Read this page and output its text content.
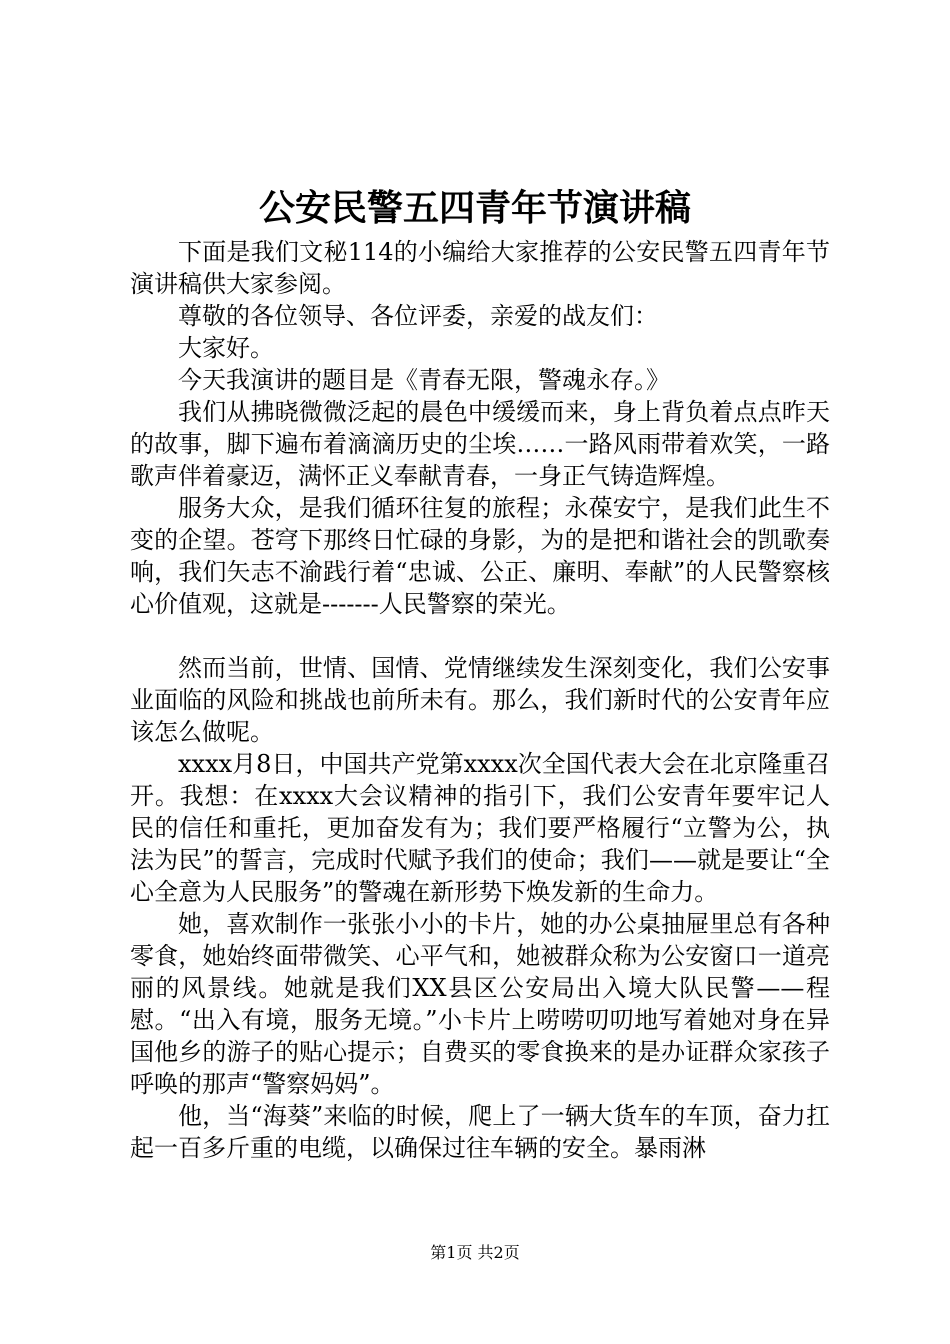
公安民警五四青年节演讲稿

下面是我们文秘114的小编给大家推荐的公安民警五四青年节演讲稿供大家参阅。

尊敬的各位领导、各位评委，亲爱的战友们：

大家好。

今天我演讲的题目是《青春无限，警魂永存。》

我们从拂晓微微泛起的晨色中缓缓而来，身上背负着点点昨天的故事，脚下遍布着滴滴历史的尘埃……一路风雨带着欢笑，一路歌声伴着豪迈，满怀正义奉献青春，一身正气铸造辉煌。

服务大众，是我们循环往复的旅程；永葆安宁，是我们此生不变的企望。苍穹下那终日忙碌的身影，为的是把和谐社会的凯歌奏响，我们矢志不渝践行着“忠诚、公正、廉明、奉献”的人民警察核心价值观，这就是-------人民警察的荣光。

然而当前，世情、国情、党情继续发生深刻变化，我们公安事业面临的风险和挑战也前所未有。那么，我们新时代的公安青年应该怎么做呢。

xxxx月8日，中国共产党第xxxx次全国代表大会在北京隆重召开。我想：在xxxx大会议精神的指引下，我们公安青年要牢记人民的信任和重托，更加奋发有为；我们要严格履行“立警为公，执法为民”的誓言，完成时代赋予我们的使命；我们——就是要让“全心全意为人民服务”的警魂在新形势下焕发新的生命力。

她，喜欢制作一张张小小的卡片，她的办公桌抽屉里总有各种零食，她始终面带微笑、心平气和，她被群众称为公安窗口一道亮丽的风景线。她就是我们XX县区公安局出入境大队民警——程慰。“出入有境，服务无境。”小卡片上唠唠叨叨地写着她对身在异国他乡的游子的贴心提示；自费买的零食换来的是办证群众家孩子呼唤的那声“警察妈妈”。

他，当“海葵”来临的时候，爬上了一辆大货车的车顶，奋力扛起一百多斤重的电缆，以确保过往车辆的安全。暴雨淋

第1页 共2页
